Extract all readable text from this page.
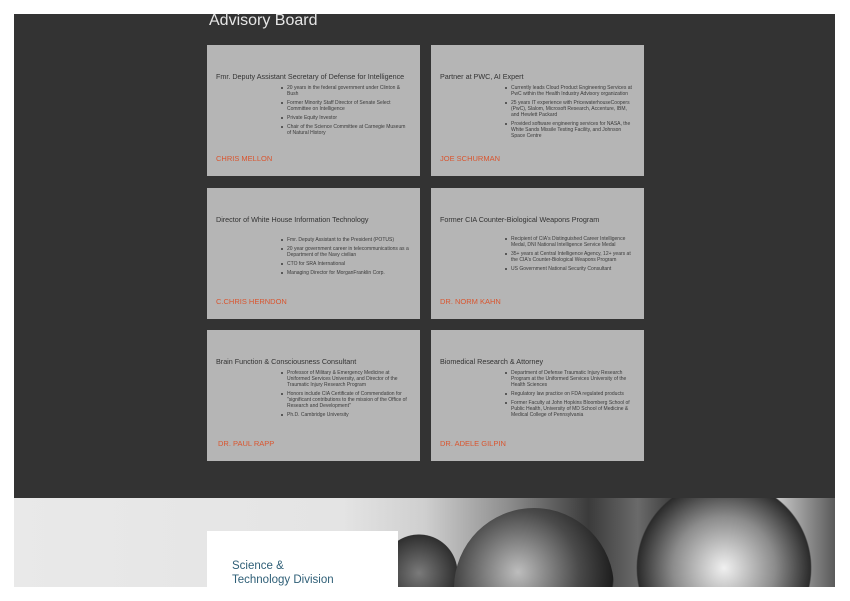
Advisory Board
Fmr. Deputy Assistant Secretary of Defense for Intelligence
20 years in the federal government under Clinton & Bush
Former Minority Staff Director of Senate Select Committee on Intelligence
Private Equity Investor
Chair of the Science Committee at Carnegie Museum of Natural History
CHRIS MELLON
Partner at PWC, AI Expert
Currently leads Cloud Product Engineering Services at PwC within the Health Industry Advisory organization
25 years IT experience with PricewaterhouseCoopers (PwC), Slalom, Microsoft Research, Accenture, IBM, and Hewlett Packard
Provided software engineering services for NASA, the White Sands Missile Testing Facility, and Johnson Space Centre
JOE SCHURMAN
Director of White House Information Technology
Fmr. Deputy Assistant to the President (POTUS)
20 year government career in telecommunications as a Department of the Navy civilian
CTO for SRA International
Managing Director for MorganFranklin Corp.
C.CHRIS HERNDON
Former CIA Counter-Biological Weapons Program
Recipient of CIA's Distinguished Career Intelligence Medal, DNI National Intelligence Service Medal
35+ years at Central Intelligence Agency, 12+ years at the CIA's Counter-Biological Weapons Program
US Government National Security Consultant
DR. NORM KAHN
Brain Function & Consciousness Consultant
Professor of Military & Emergency Medicine at Uniformed Services University, and Director of the Traumatic Injury Research Program
Honors include CIA Certificate of Commendation for "significant contributions to the mission of the Office of Research and Development"
Ph.D. Cambridge University
DR. PAUL RAPP
Biomedical Research & Attorney
Department of Defense Traumatic Injury Research Program at the Uniformed Services University of the Health Sciences
Regulatory law practice on FDA regulated products
Former Faculty at John Hopkins Bloomberg School of Public Health, University of MD School of Medicine & Medical College of Pennsylvania
DR. ADELE GILPIN
Science &
Technology Division
